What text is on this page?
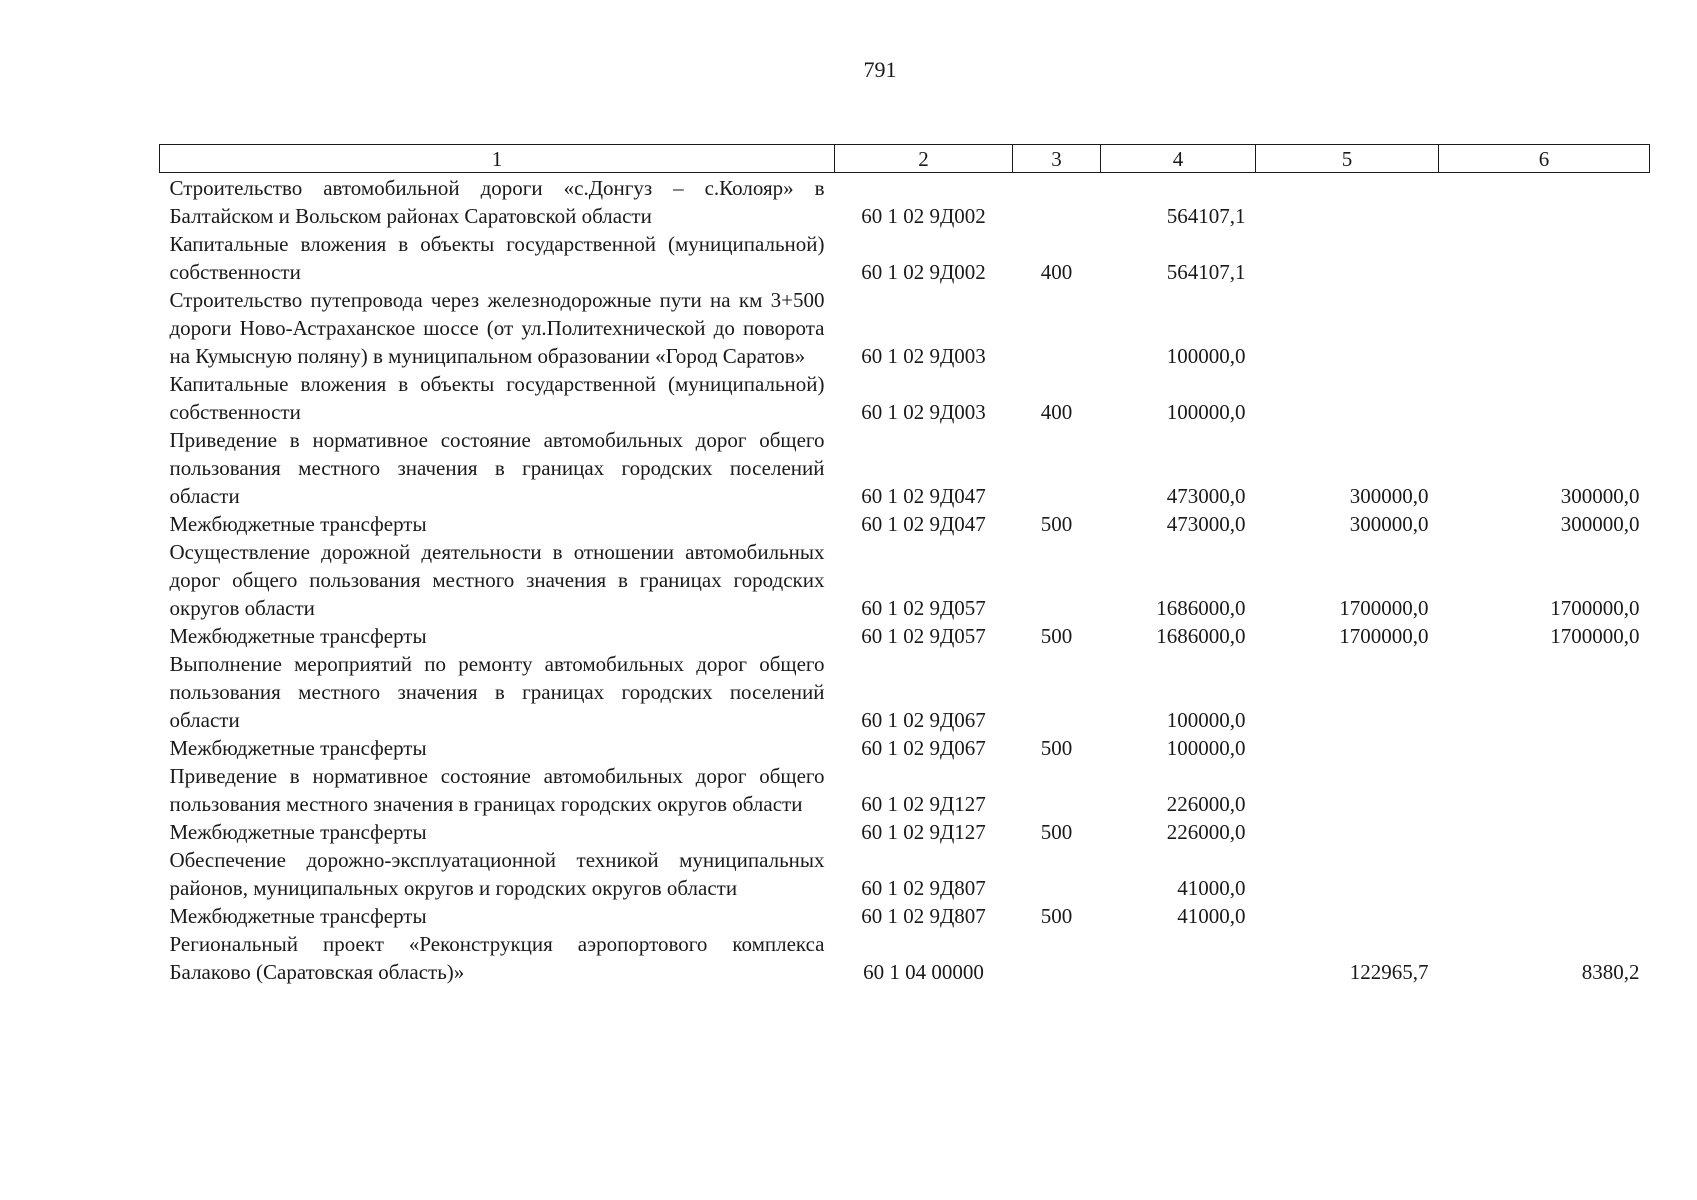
791
1	2	3	4	5	6
Строительство автомобильной дороги «с.Донгуз – с.Колояр» в Балтайском и Вольском районах Саратовской области	60 1 02 9Д002		564107,1		
Капитальные вложения в объекты государственной (муниципальной) собственности	60 1 02 9Д002	400	564107,1		
Строительство путепровода через железнодорожные пути на км 3+500 дороги Ново-Астраханское шоссе (от ул.Политехнической до поворота на Кумысную поляну) в муниципальном образовании «Город Саратов»	60 1 02 9Д003		100000,0		
Капитальные вложения в объекты государственной (муниципальной) собственности	60 1 02 9Д003	400	100000,0		
Приведение в нормативное состояние автомобильных дорог общего пользования местного значения в границах городских поселений области	60 1 02 9Д047		473000,0	300000,0	300000,0
Межбюджетные трансферты	60 1 02 9Д047	500	473000,0	300000,0	300000,0
Осуществление дорожной деятельности в отношении автомобильных дорог общего пользования местного значения в границах городских округов области	60 1 02 9Д057		1686000,0	1700000,0	1700000,0
Межбюджетные трансферты	60 1 02 9Д057	500	1686000,0	1700000,0	1700000,0
Выполнение мероприятий по ремонту автомобильных дорог общего пользования местного значения в границах городских поселений области	60 1 02 9Д067		100000,0		
Межбюджетные трансферты	60 1 02 9Д067	500	100000,0		
Приведение в нормативное состояние автомобильных дорог общего пользования местного значения в границах городских округов области	60 1 02 9Д127		226000,0		
Межбюджетные трансферты	60 1 02 9Д127	500	226000,0		
Обеспечение дорожно-эксплуатационной техникой муниципальных районов, муниципальных округов и городских округов области	60 1 02 9Д807		41000,0		
Межбюджетные трансферты	60 1 02 9Д807	500	41000,0		
Региональный проект «Реконструкция аэропортового комплекса Балаково (Саратовская область)»	60 1 04 00000			122965,7	8380,2
